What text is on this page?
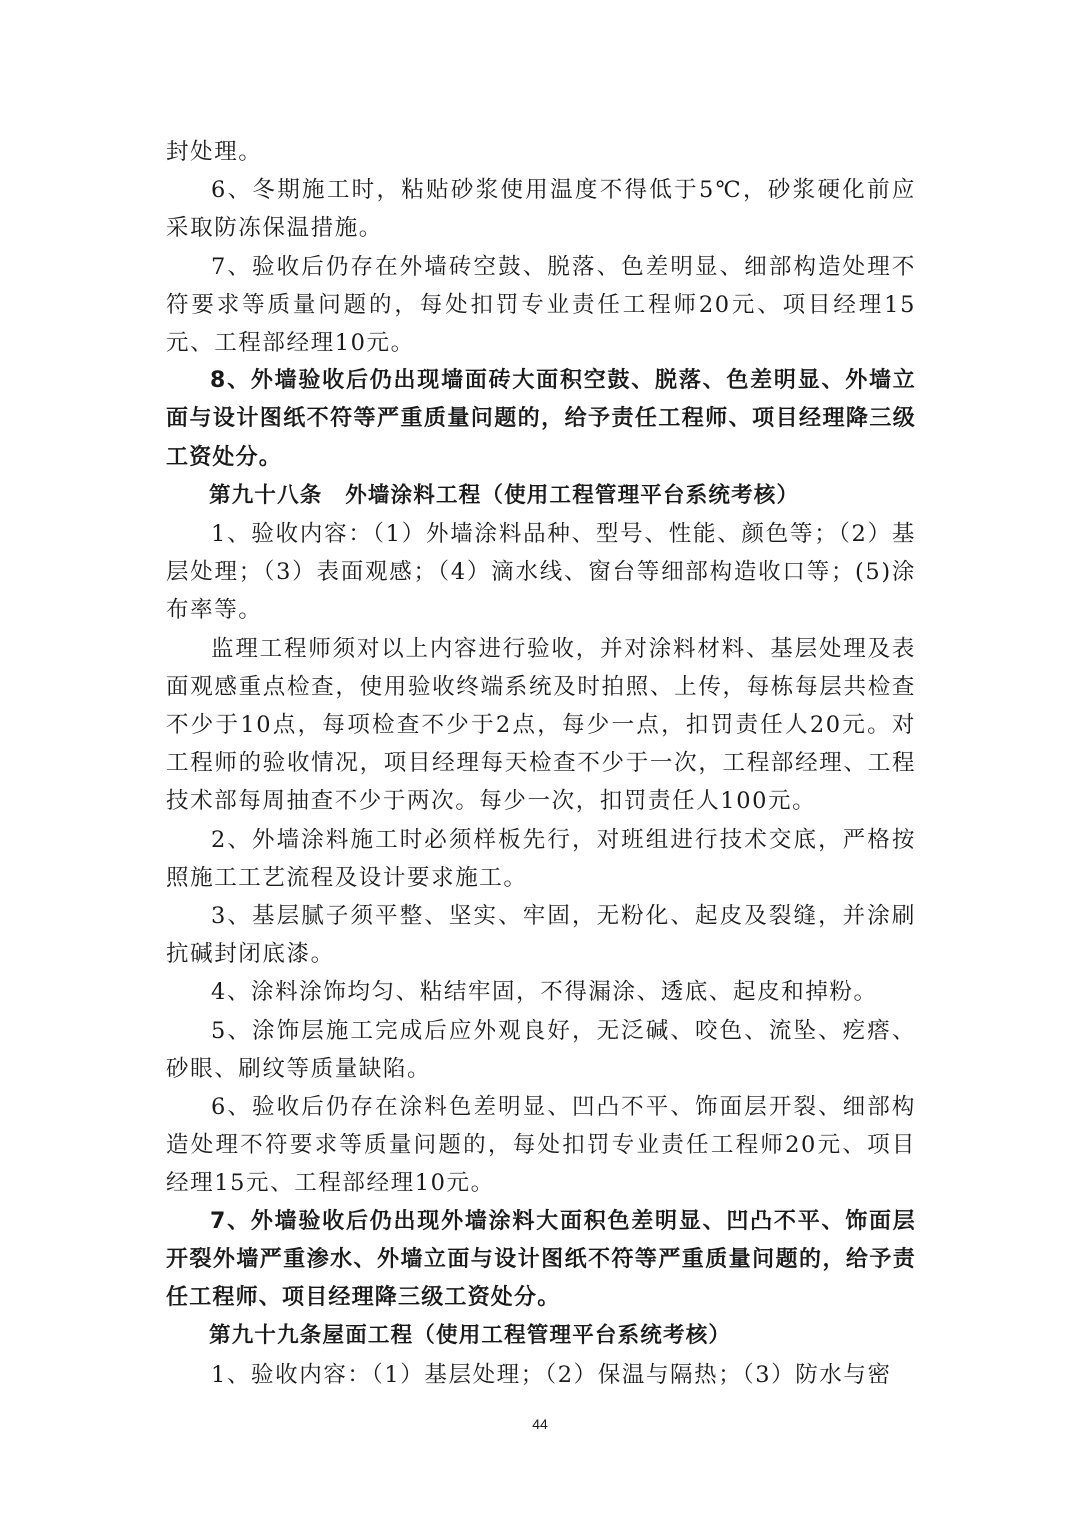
封处理。

6、冬期施工时，粘贴砂浆使用温度不得低于5℃，砂浆硬化前应采取防冻保温措施。

7、验收后仍存在外墙砖空鼓、脱落、色差明显、细部构造处理不符要求等质量问题的，每处扣罚专业责任工程师20元、项目经理15元、工程部经理10元。

8、外墙验收后仍出现墙面砖大面积空鼓、脱落、色差明显、外墙立面与设计图纸不符等严重质量问题的，给予责任工程师、项目经理降三级工资处分。

第九十八条　外墙涂料工程（使用工程管理平台系统考核）

1、验收内容：（1）外墙涂料品种、型号、性能、颜色等；（2）基层处理；（3）表面观感；（4）滴水线、窗台等细部构造收口等；(5)涂布率等。

监理工程师须对以上内容进行验收，并对涂料材料、基层处理及表面观感重点检查，使用验收终端系统及时拍照、上传，每栋每层共检查不少于10点，每项检查不少于2点，每少一点，扣罚责任人20元。对工程师的验收情况，项目经理每天检查不少于一次，工程部经理、工程技术部每周抽查不少于两次。每少一次，扣罚责任人100元。

2、外墙涂料施工时必须样板先行，对班组进行技术交底，严格按照施工工艺流程及设计要求施工。

3、基层腻子须平整、坚实、牢固，无粉化、起皮及裂缝，并涂刷抗碱封闭底漆。

4、涂料涂饰均匀、粘结牢固，不得漏涂、透底、起皮和掉粉。

5、涂饰层施工完成后应外观良好，无泛碱、咬色、流坠、疙瘩、砂眼、刷纹等质量缺陷。

6、验收后仍存在涂料色差明显、凹凸不平、饰面层开裂、细部构造处理不符要求等质量问题的，每处扣罚专业责任工程师20元、项目经理15元、工程部经理10元。

7、外墙验收后仍出现外墙涂料大面积色差明显、凹凸不平、饰面层开裂外墙严重渗水、外墙立面与设计图纸不符等严重质量问题的，给予责任工程师、项目经理降三级工资处分。

第九十九条屋面工程（使用工程管理平台系统考核）

1、验收内容：（1）基层处理；（2）保温与隔热；（3）防水与密

44
